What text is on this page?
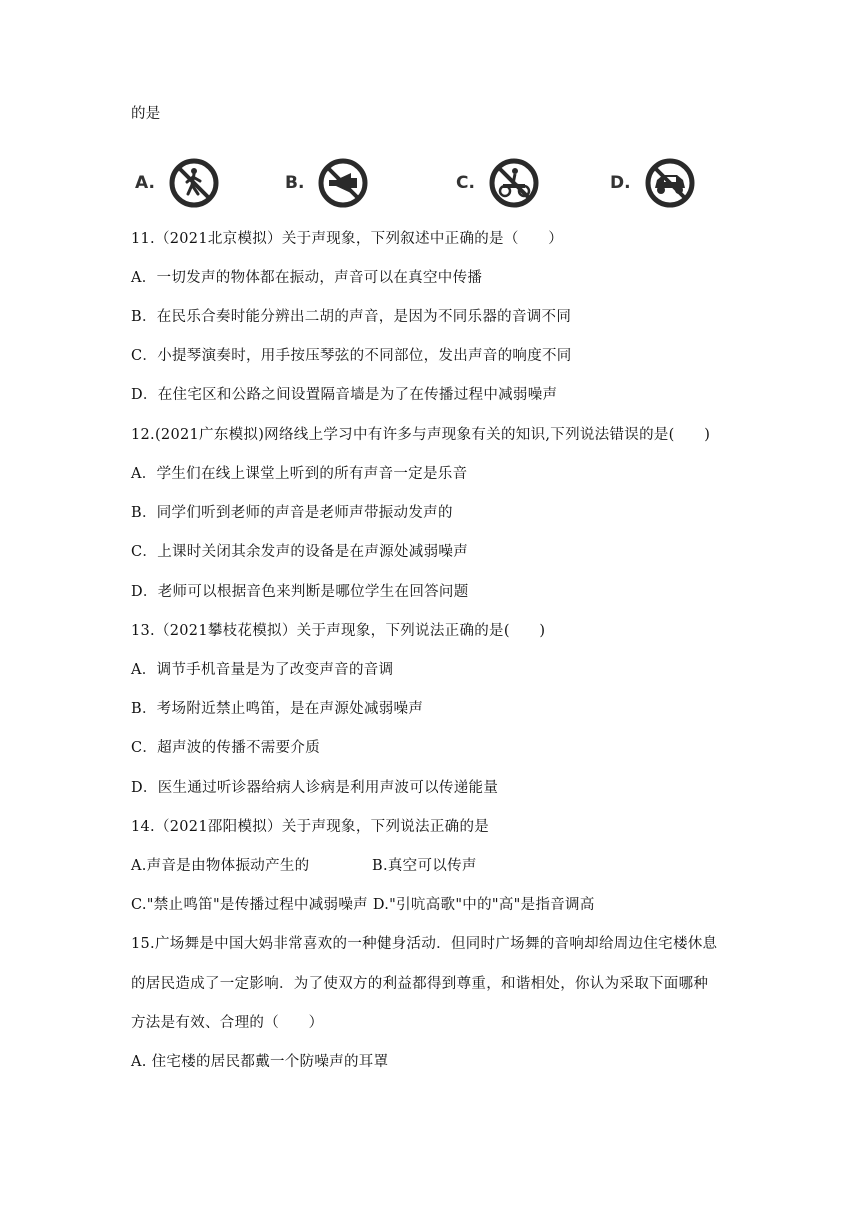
的是
A.	B.	C.	D.
11.（2021北京模拟）关于声现象，下列叙述中正确的是（　　）
A．一切发声的物体都在振动，声音可以在真空中传播
B．在民乐合奏时能分辨出二胡的声音，是因为不同乐器的音调不同
C．小提琴演奏时，用手按压琴弦的不同部位，发出声音的响度不同
D．在住宅区和公路之间设置隔音墙是为了在传播过程中减弱噪声
12.(2021广东模拟)网络线上学习中有许多与声现象有关的知识,下列说法错误的是(　　)
A．学生们在线上课堂上听到的所有声音一定是乐音
B．同学们听到老师的声音是老师声带振动发声的
C．上课时关闭其余发声的设备是在声源处减弱噪声
D．老师可以根据音色来判断是哪位学生在回答问题
13.（2021攀枝花模拟）关于声现象，下列说法正确的是(　　)
A．调节手机音量是为了改变声音的音调
B．考场附近禁止鸣笛，是在声源处减弱噪声
C．超声波的传播不需要介质
D．医生通过听诊器给病人诊病是利用声波可以传递能量
14.（2021邵阳模拟）关于声现象，下列说法正确的是
A.声音是由物体振动产生的	B.真空可以传声
C."禁止鸣笛"是传播过程中减弱噪声 D."引吭高歌"中的"高"是指音调高
15.广场舞是中国大妈非常喜欢的一种健身活动．但同时广场舞的音响却给周边住宅楼休息
的居民造成了一定影响．为了使双方的利益都得到尊重，和谐相处，你认为采取下面哪种
方法是有效、合理的（　　）
A. 住宅楼的居民都戴一个防噪声的耳罩
